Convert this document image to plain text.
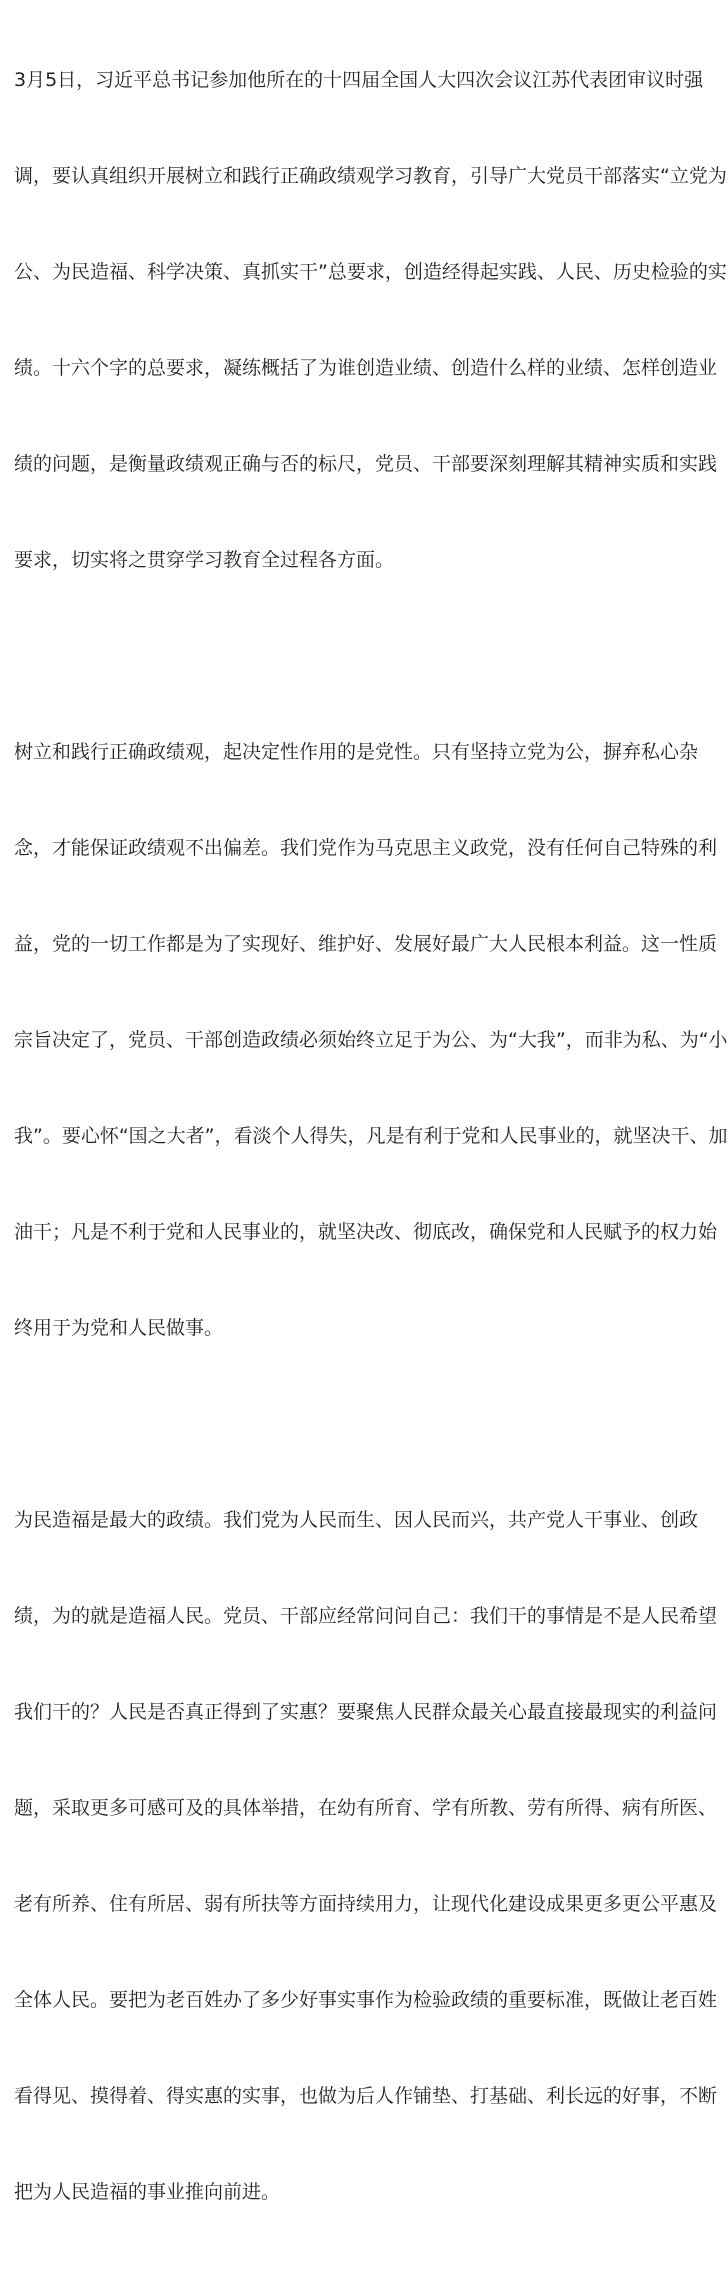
3月5日，习近平总书记参加他所在的十四届全国人大四次会议江苏代表团审议时强

调，要认真组织开展树立和践行正确政绩观学习教育，引导广大党员干部落实“立党为

公、为民造福、科学决策、真抓实干”总要求，创造经得起实践、人民、历史检验的实

绩。十六个字的总要求，凝练概括了为谁创造业绩、创造什么样的业绩、怎样创造业

绩的问题，是衡量政绩观正确与否的标尺，党员、干部要深刻理解其精神实质和实践

要求，切实将之贯穿学习教育全过程各方面。

树立和践行正确政绩观，起决定性作用的是党性。只有坚持立党为公，摒弃私心杂

念，才能保证政绩观不出偏差。我们党作为马克思主义政党，没有任何自己特殊的利

益，党的一切工作都是为了实现好、维护好、发展好最广大人民根本利益。这一性质

宗旨决定了，党员、干部创造政绩必须始终立足于为公、为“大我”，而非为私、为“小

我”。要心怀“国之大者”，看淡个人得失，凡是有利于党和人民事业的，就坚决干、加

油干；凡是不利于党和人民事业的，就坚决改、彻底改，确保党和人民赋予的权力始

终用于为党和人民做事。

为民造福是最大的政绩。我们党为人民而生、因人民而兴，共产党人干事业、创政

绩，为的就是造福人民。党员、干部应经常问问自己：我们干的事情是不是人民希望

我们干的？人民是否真正得到了实惠？要聚焦人民群众最关心最直接最现实的利益问

题，采取更多可感可及的具体举措，在幼有所育、学有所教、劳有所得、病有所医、

老有所养、住有所居、弱有所扶等方面持续用力，让现代化建设成果更多更公平惠及

全体人民。要把为老百姓办了多少好事实事作为检验政绩的重要标准，既做让老百姓

看得见、摸得着、得实惠的实事，也做为后人作铺垫、打基础、利长远的好事，不断

把为人民造福的事业推向前进。
